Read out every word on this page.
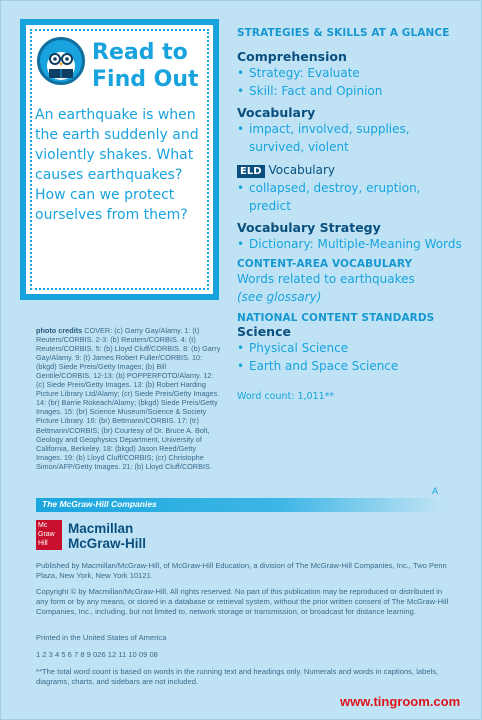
Read to
Find Out
An earthquake is when the earth suddenly and violently shakes. What causes earthquakes? How can we protect ourselves from them?
photo credits COVER: (c) Garry Gay/Alamy. 1: (t) Reuters/CORBIS. 2-3: (b) Reuters/CORBIS. 4: (t) Reuters/CORBIS. 5: (b) Lloyd Cluff/CORBIS. 8: (b) Garry Gay/Alamy. 9: (t) James Robert Fuller/CORBIS. 10: (bkgd) Siede Preis/Getty Images; (b) Bill Gentile/CORBIS. 12-13: (b) POPPERFOTO/Alamy. 12: (c) Siede Preis/Getty Images. 13: (b) Robert Harding Picture Library Ltd/Alamy; (cr) Siede Preis/Getty Images. 14: (br) Barrie Rokeach/Alamy; (bkgd) Siede Preis/Getty Images. 15: (br) Science Museum/Science & Society Picture Library. 16: (br) Bettmann/CORBIS. 17: (tr) Bettmann/CORBIS; (br) Courtesy of Dr. Bruce A. Bolt, Geology and Geophysics Department, University of California, Berkeley. 18: (bkgd) Jason Reed/Getty Images. 19: (b) Lloyd Cluff/CORBIS; (cr) Christophe Simon/AFP/Getty Images. 21: (b) Lloyd Cluff/CORBIS.
STRATEGIES & SKILLS AT A GLANCE
Comprehension
• Strategy: Evaluate
• Skill: Fact and Opinion
Vocabulary
• impact, involved, supplies, survived, violent
ELD Vocabulary
• collapsed, destroy, eruption, predict
Vocabulary Strategy
• Dictionary: Multiple-Meaning Words
CONTENT-AREA VOCABULARY
Words related to earthquakes
(see glossary)
NATIONAL CONTENT STANDARDS
Science
• Physical Science
• Earth and Space Science
Word count: 1,011**
A
The McGraw-Hill Companies
Mc
Graw
Hill
Macmillan
McGraw-Hill
Published by Macmillan/McGraw-Hill, of McGraw-Hill Education, a division of The McGraw-Hill Companies, Inc., Two Penn Plaza, New York, New York 10121.
Copyright © by Macmillan/McGraw-Hill. All rights reserved. No part of this publication may be reproduced or distributed in any form or by any means, or stored in a database or retrieval system, without the prior written consent of The McGraw-Hill Companies, Inc., including, but not limited to, network storage or transmission, or broadcast for distance learning.
Printed in the United States of America
1 2 3 4 5 6 7 8 9 026 12 11 10 09 08
**The total word count is based on words in the running text and headings only. Numerals and words in captions, labels, diagrams, charts, and sidebars are not included.
www.tingroom.com
